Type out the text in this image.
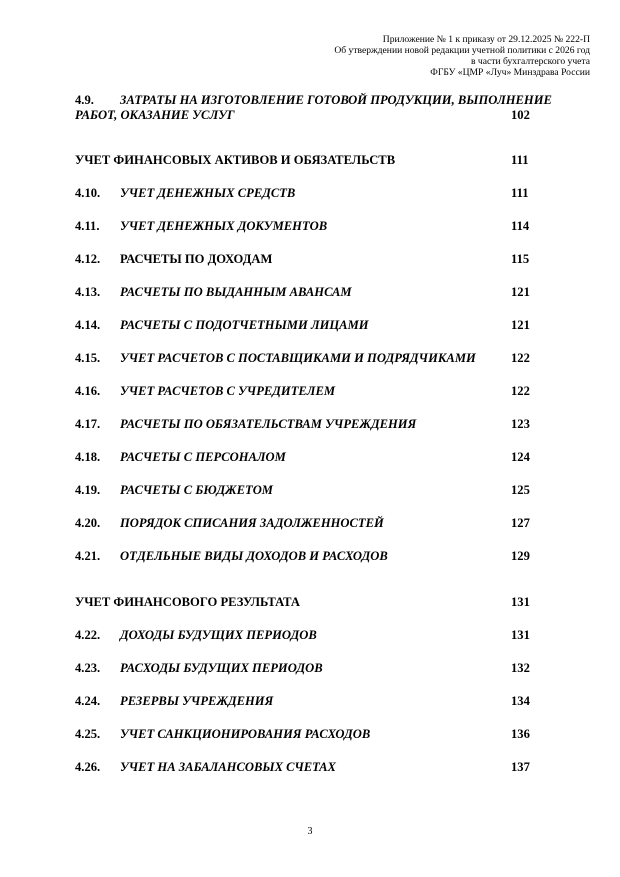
Приложение № 1 к приказу от 29.12.2025 № 222-П
Об утверждении новой редакции учетной политики с 2026 год
в части бухгалтерского учета
ФГБУ «ЦМР «Луч» Минздрава России
4.9. ЗАТРАТЫ НА ИЗГОТОВЛЕНИЕ ГОТОВОЙ ПРОДУКЦИИ, ВЫПОЛНЕНИЕ
РАБОТ, ОКАЗАНИЕ УСЛУГ	102
УЧЕТ ФИНАНСОВЫХ АКТИВОВ И ОБЯЗАТЕЛЬСТВ	111
4.10. УЧЕТ ДЕНЕЖНЫХ СРЕДСТВ	111
4.11. УЧЕТ ДЕНЕЖНЫХ ДОКУМЕНТОВ	114
4.12. РАСЧЕТЫ ПО ДОХОДАМ	115
4.13. РАСЧЕТЫ ПО ВЫДАННЫМ АВАНСАМ	121
4.14. РАСЧЕТЫ С ПОДОТЧЕТНЫМИ ЛИЦАМИ	121
4.15. УЧЕТ РАСЧЕТОВ С ПОСТАВЩИКАМИ И ПОДРЯДЧИКАМИ	122
4.16. УЧЕТ РАСЧЕТОВ С УЧРЕДИТЕЛЕМ	122
4.17. РАСЧЕТЫ ПО ОБЯЗАТЕЛЬСТВАМ УЧРЕЖДЕНИЯ	123
4.18. РАСЧЕТЫ С ПЕРСОНАЛОМ	124
4.19. РАСЧЕТЫ С БЮДЖЕТОМ	125
4.20. ПОРЯДОК СПИСАНИЯ ЗАДОЛЖЕННОСТЕЙ	127
4.21. ОТДЕЛЬНЫЕ ВИДЫ ДОХОДОВ И РАСХОДОВ	129
УЧЕТ ФИНАНСОВОГО РЕЗУЛЬТАТА	131
4.22. ДОХОДЫ БУДУЩИХ ПЕРИОДОВ	131
4.23. РАСХОДЫ БУДУЩИХ ПЕРИОДОВ	132
4.24. РЕЗЕРВЫ УЧРЕЖДЕНИЯ	134
4.25. УЧЕТ САНКЦИОНИРОВАНИЯ РАСХОДОВ	136
4.26. УЧЕТ НА ЗАБАЛАНСОВЫХ СЧЕТАХ	137
3
